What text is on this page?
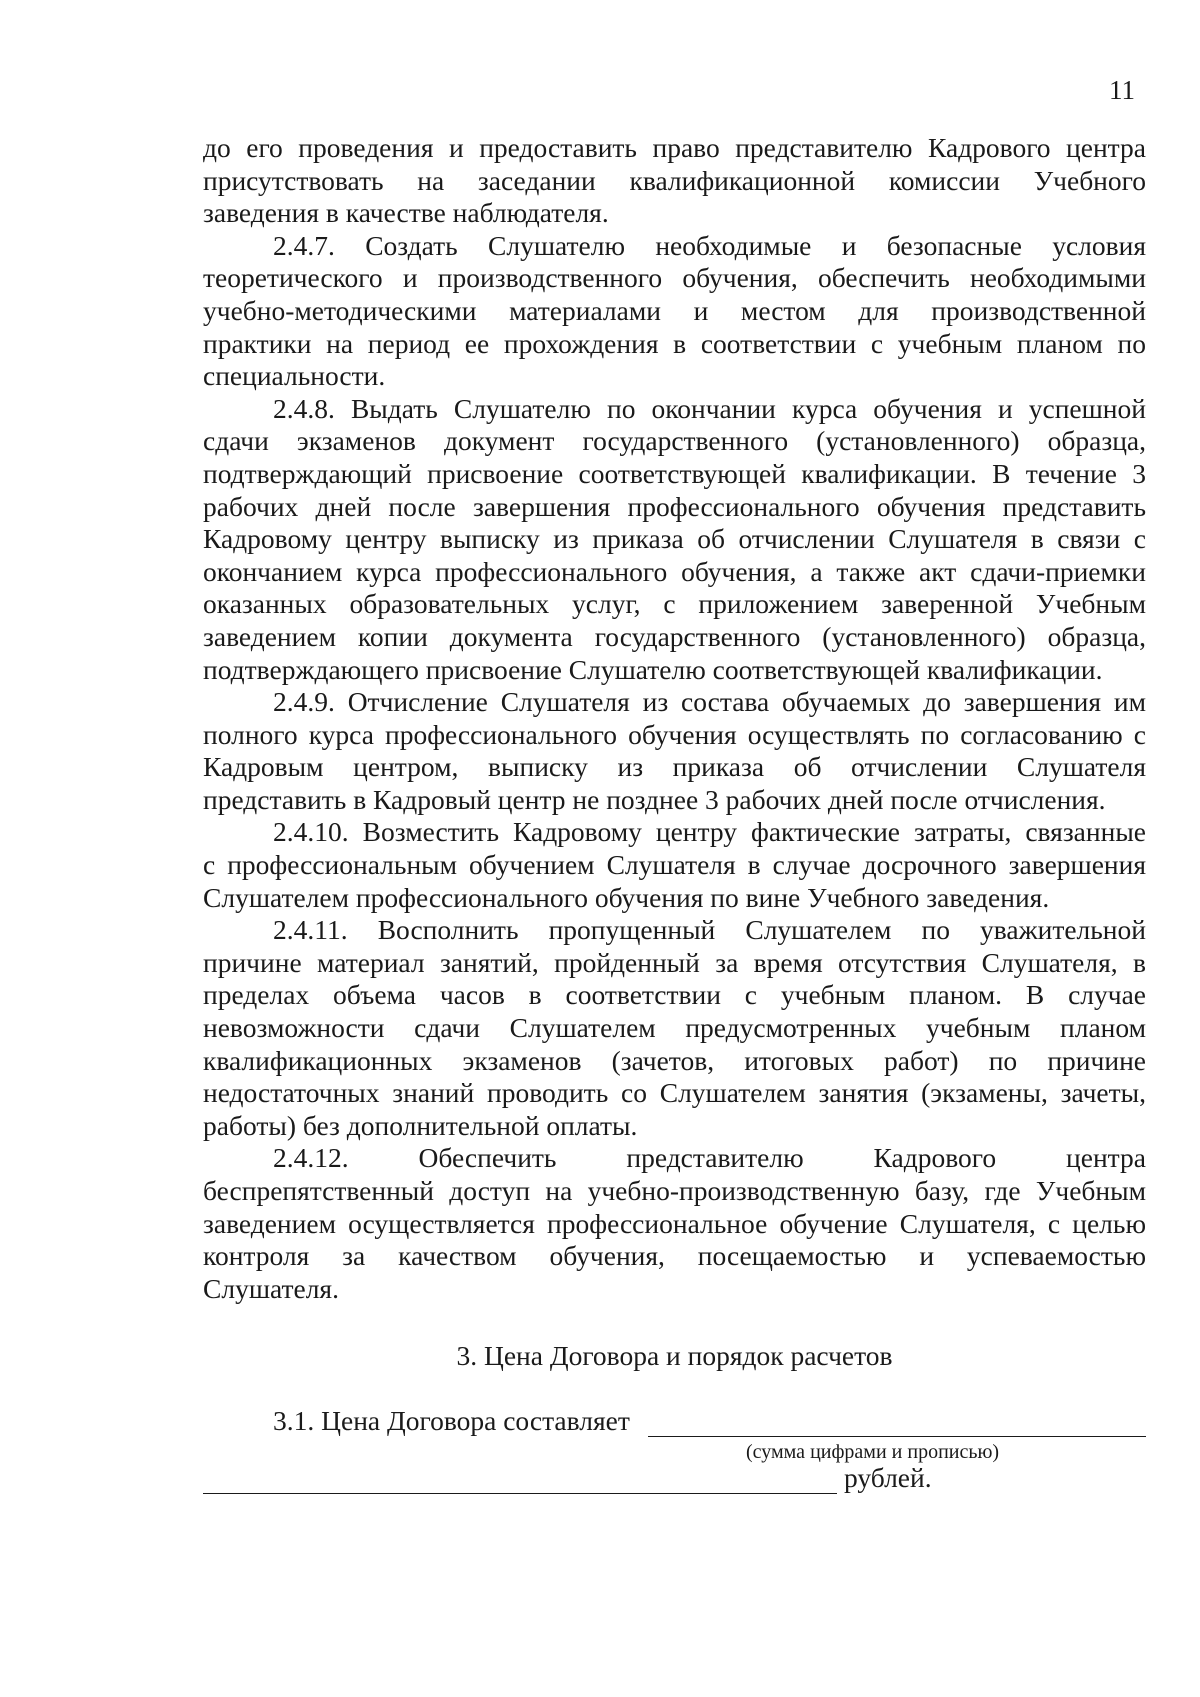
11

до его проведения и предоставить право представителю Кадрового центра
присутствовать на заседании квалификационной комиссии Учебного
заведения в качестве наблюдателя.

2.4.7. Создать Слушателю необходимые и безопасные условия
теоретического и производственного обучения, обеспечить необходимыми
учебно-методическими материалами и местом для производственной
практики на период ее прохождения в соответствии с учебным планом по
специальности.

2.4.8. Выдать Слушателю по окончании курса обучения и успешной
сдачи экзаменов документ государственного (установленного) образца,
подтверждающий присвоение соответствующей квалификации. В течение 3
рабочих дней после завершения профессионального обучения представить
Кадровому центру выписку из приказа об отчислении Слушателя в связи с
окончанием курса профессионального обучения, а также акт сдачи-приемки
оказанных образовательных услуг, с приложением заверенной Учебным
заведением копии документа государственного (установленного) образца,
подтверждающего присвоение Слушателю соответствующей квалификации.

2.4.9. Отчисление Слушателя из состава обучаемых до завершения им
полного курса профессионального обучения осуществлять по согласованию с
Кадровым центром, выписку из приказа об отчислении Слушателя
представить в Кадровый центр не позднее 3 рабочих дней после отчисления.

2.4.10. Возместить Кадровому центру фактические затраты, связанные
с профессиональным обучением Слушателя в случае досрочного завершения
Слушателем профессионального обучения по вине Учебного заведения.

2.4.11. Восполнить пропущенный Слушателем по уважительной
причине материал занятий, пройденный за время отсутствия Слушателя, в
пределах объема часов в соответствии с учебным планом. В случае
невозможности сдачи Слушателем предусмотренных учебным планом
квалификационных экзаменов (зачетов, итоговых работ) по причине
недостаточных знаний проводить со Слушателем занятия (экзамены, зачеты,
работы) без дополнительной оплаты.

2.4.12. Обеспечить представителю Кадрового центра
беспрепятственный доступ на учебно-производственную базу, где Учебным
заведением осуществляется профессиональное обучение Слушателя, с целью
контроля за качеством обучения, посещаемостью и успеваемостью
Слушателя.

3. Цена Договора и порядок расчетов
3.1. Цена Договора составляет
(сумма цифрами и прописью)
рублей.
